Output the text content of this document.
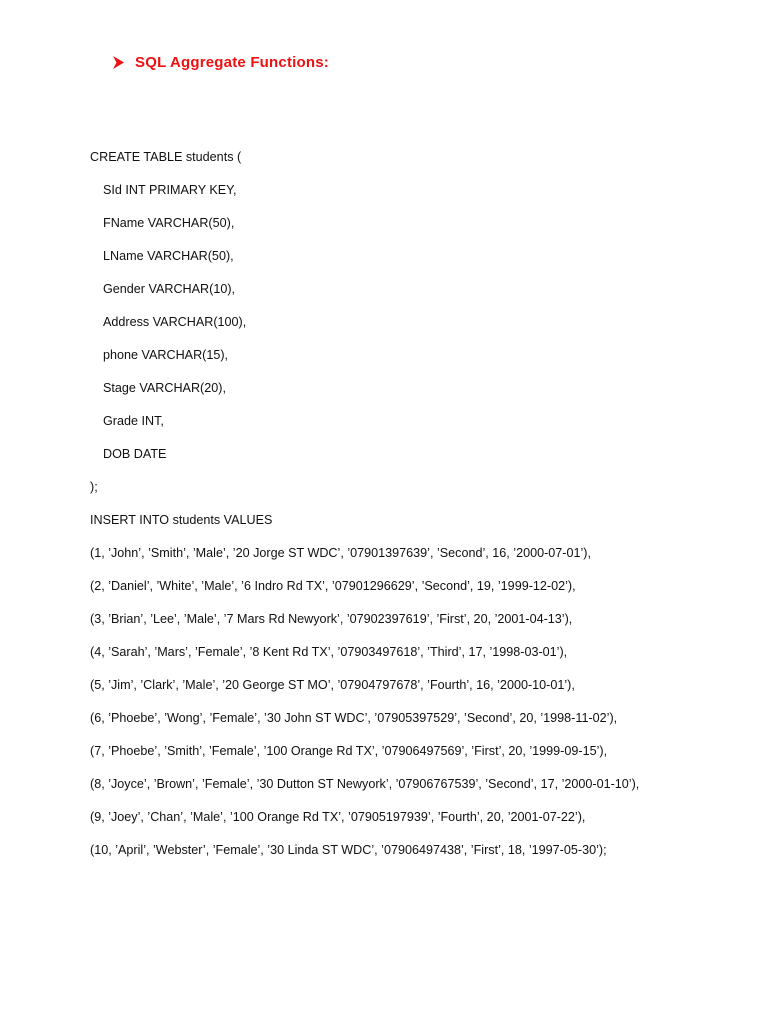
SQL Aggregate Functions:
CREATE TABLE students (
SId INT PRIMARY KEY,
FName VARCHAR(50),
LName VARCHAR(50),
Gender VARCHAR(10),
Address VARCHAR(100),
phone VARCHAR(15),
Stage VARCHAR(20),
Grade INT,
DOB DATE
);
INSERT INTO students VALUES
(1, ’John’, ’Smith’, ’Male’, ’20 Jorge ST WDC’, ’07901397639’, ’Second’, 16, ’2000-07-01’),
(2, ’Daniel’, ’White’, ’Male’, ’6 Indro Rd TX’, ’07901296629’, ’Second’, 19, ’1999-12-02’),
(3, ’Brian’, ’Lee’, ’Male’, ’7 Mars Rd Newyork’, ’07902397619’, ’First’, 20, ’2001-04-13’),
(4, ’Sarah’, ’Mars’, ’Female’, ’8 Kent Rd TX’, ’07903497618’, ’Third’, 17, ’1998-03-01’),
(5, ’Jim’, ’Clark’, ’Male’, ’20 George ST MO’, ’07904797678’, ’Fourth’, 16, ’2000-10-01’),
(6, ’Phoebe’, ’Wong’, ’Female’, ’30 John ST WDC’, ’07905397529’, ’Second’, 20, ’1998-11-02’),
(7, ’Phoebe’, ’Smith’, ’Female’, ’100 Orange Rd TX’, ’07906497569’, ’First’, 20, ’1999-09-15’),
(8, ’Joyce’, ’Brown’, ’Female’, ’30 Dutton ST Newyork’, ’07906767539’, ’Second’, 17, ’2000-01-10’),
(9, ’Joey’, ’Chan’, ’Male’, ’100 Orange Rd TX’, ’07905197939’, ’Fourth’, 20, ’2001-07-22’),
(10, ’April’, ’Webster’, ’Female’, ’30 Linda ST WDC’, ’07906497438’, ’First’, 18, ’1997-05-30’);
